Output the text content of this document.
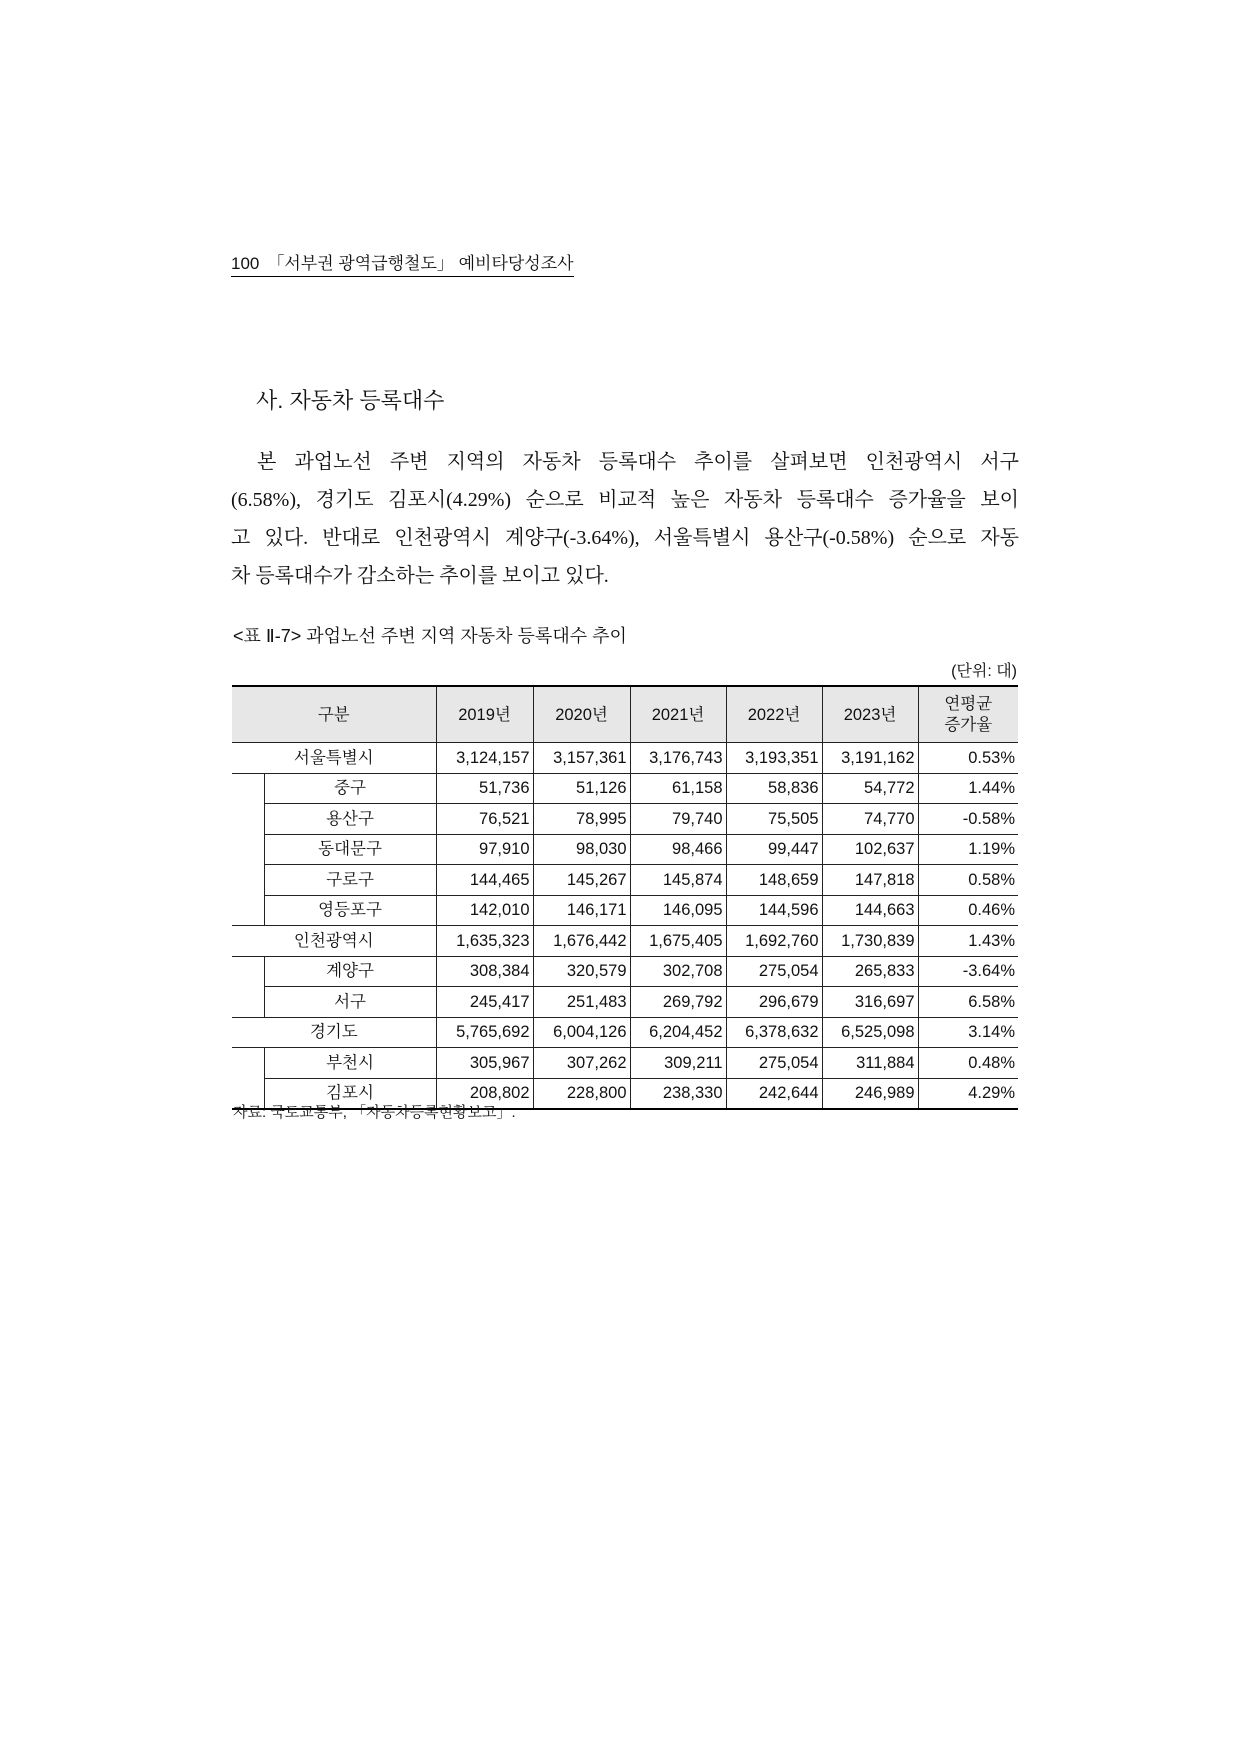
100 「서부권 광역급행철도」 예비타당성조사
사. 자동차 등록대수
본 과업노선 주변 지역의 자동차 등록대수 추이를 살펴보면 인천광역시 서구
(6.58%), 경기도 김포시(4.29%) 순으로 비교적 높은 자동차 등록대수 증가율을 보이
고 있다. 반대로 인천광역시 계양구(-3.64%), 서울특별시 용산구(-0.58%) 순으로 자동
차 등록대수가 감소하는 추이를 보이고 있다.
<표 Ⅱ-7> 과업노선 주변 지역 자동차 등록대수 추이
(단위: 대)
구분		2019년	2020년	2021년	2022년	2023년	연평균
증가율

서울특별시		3,124,157	3,157,361	3,176,743	3,193,351	3,191,162	0.53%
	중구	51,736	51,126	61,158	58,836	54,772	1.44%
	용산구	76,521	78,995	79,740	75,505	74,770	-0.58%
	동대문구	97,910	98,030	98,466	99,447	102,637	1.19%
	구로구	144,465	145,267	145,874	148,659	147,818	0.58%
	영등포구	142,010	146,171	146,095	144,596	144,663	0.46%
인천광역시		1,635,323	1,676,442	1,675,405	1,692,760	1,730,839	1.43%
	계양구	308,384	320,579	302,708	275,054	265,833	-3.64%
	서구	245,417	251,483	269,792	296,679	316,697	6.58%
경기도		5,765,692	6,004,126	6,204,452	6,378,632	6,525,098	3.14%
	부천시	305,967	307,262	309,211	275,054	311,884	0.48%
	김포시	208,802	228,800	238,330	242,644	246,989	4.29%
자료: 국토교통부, 「자동차등록현황보고」.
